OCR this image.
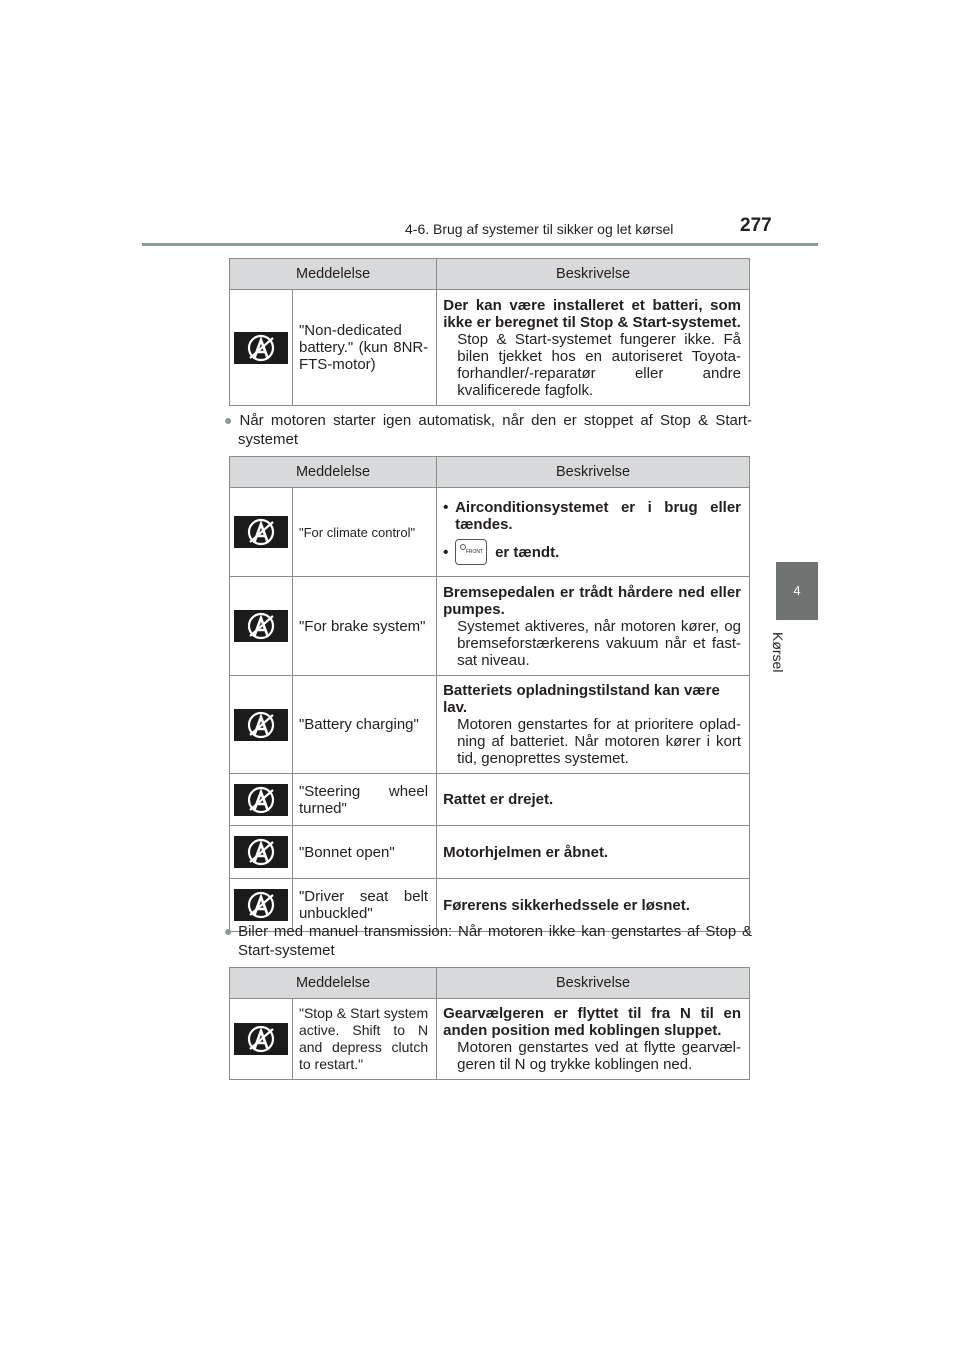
4-6. Brug af systemer til sikker og let kørsel	277
4
Kørsel
Meddelelse		Beskrivelse

	"Non-dedicated battery." (kun 8NR-FTS-motor)	Der kan være installeret et batteri, som ikke er beregnet til Stop & Start-systemet.
Stop & Start-systemet fungerer ikke. Få bilen tjekket hos en autoriseret Toyota-forhandler/-reparatør eller andre kvalificerede fagfolk.
● Når motoren starter igen automatisk, når den er stoppet af Stop & Start-
systemet
Meddelelse		Beskrivelse

	"For climate control"	• Airconditionsystemet er i brug eller tændes.
• FRONT er tændt.

	"For brake system"	Bremsepedalen er trådt hårdere ned eller pumpes.
Systemet aktiveres, når motoren kører, og bremseforstærkerens vakuum når et fast-sat niveau.

	"Battery charging"	Batteriets opladningstilstand kan være lav.
Motoren genstartes for at prioritere oplad-ning af batteriet. Når motoren kører i kort tid, genoprettes systemet.

	"Steering wheel turned"	Rattet er drejet.

	"Bonnet open"	Motorhjelmen er åbnet.

	"Driver seat belt unbuckled"	Førerens sikkerhedssele er løsnet.
● Biler med manuel transmission: Når motoren ikke kan genstartes af Stop &
Start-systemet
Meddelelse		Beskrivelse

	"Stop & Start system active. Shift to N and depress clutch to restart."	Gearvælgeren er flyttet til fra N til en anden position med koblingen sluppet.
Motoren genstartes ved at flytte gearvæl-geren til N og trykke koblingen ned.
